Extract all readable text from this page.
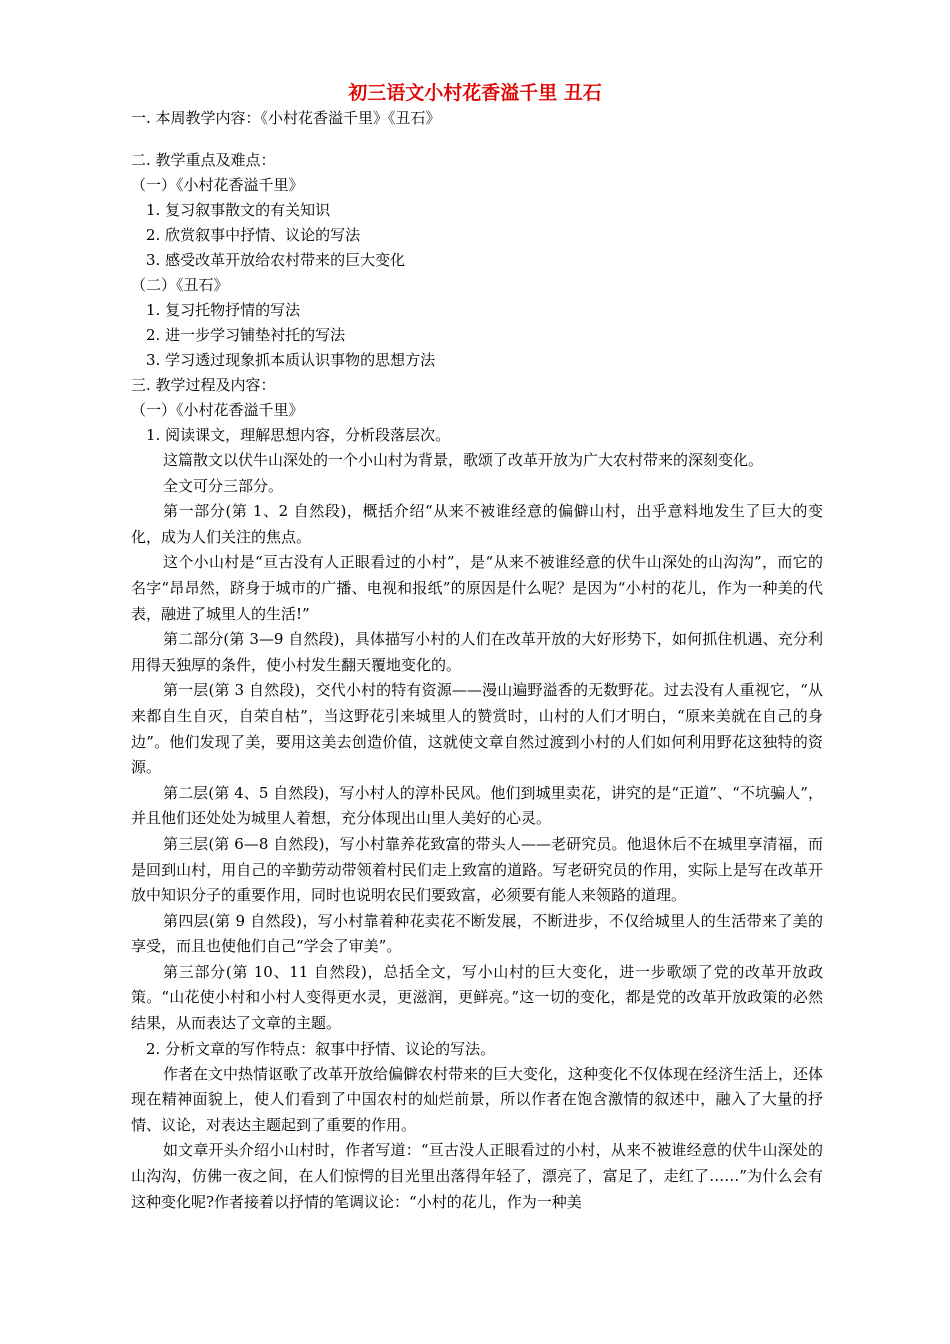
初三语文小村花香溢千里 丑石
一. 本周教学内容：《小村花香溢千里》《丑石》
二. 教学重点及难点：
（一）《小村花香溢千里》
1. 复习叙事散文的有关知识
2. 欣赏叙事中抒情、议论的写法
3. 感受改革开放给农村带来的巨大变化
（二）《丑石》
1. 复习托物抒情的写法
2. 进一步学习铺垫衬托的写法
3. 学习透过现象抓本质认识事物的思想方法
三. 教学过程及内容：
（一）《小村花香溢千里》
1. 阅读课文，理解思想内容，分析段落层次。

这篇散文以伏牛山深处的一个小山村为背景，歌颂了改革开放为广大农村带来的深刻变化。

全文可分三部分。

第一部分(第 1、2 自然段)，概括介绍“从来不被谁经意的偏僻山村，出乎意料地发生了巨大的变化，成为人们关注的焦点。

这个小山村是“亘古没有人正眼看过的小村”，是“从来不被谁经意的伏牛山深处的山沟沟”，而它的名字“昂昂然，跻身于城市的广播、电视和报纸”的原因是什么呢？是因为“小村的花儿，作为一种美的代表，融进了城里人的生活!”

第二部分(第 3—9 自然段)，具体描写小村的人们在改革开放的大好形势下，如何抓住机遇、充分利用得天独厚的条件，使小村发生翻天覆地变化的。

第一层(第 3 自然段)，交代小村的特有资源——漫山遍野溢香的无数野花。过去没有人重视它，“从来都自生自灭，自荣自枯”，当这野花引来城里人的赞赏时，山村的人们才明白，“原来美就在自己的身边”。他们发现了美，要用这美去创造价值，这就使文章自然过渡到小村的人们如何利用野花这独特的资源。

第二层(第 4、5 自然段)，写小村人的淳朴民风。他们到城里卖花，讲究的是“正道”、“不坑骗人”，并且他们还处处为城里人着想，充分体现出山里人美好的心灵。

第三层(第 6—8 自然段)，写小村靠养花致富的带头人——老研究员。他退休后不在城里享清福，而是回到山村，用自己的辛勤劳动带领着村民们走上致富的道路。写老研究员的作用，实际上是写在改革开放中知识分子的重要作用，同时也说明农民们要致富，必须要有能人来领路的道理。

第四层(第 9 自然段)，写小村靠着种花卖花不断发展，不断进步，不仅给城里人的生活带来了美的享受，而且也使他们自己“学会了审美”。

第三部分(第 10、11 自然段)，总括全文，写小山村的巨大变化，进一步歌颂了党的改革开放政策。“山花使小村和小村人变得更水灵，更滋润，更鲜亮。”这一切的变化，都是党的改革开放政策的必然结果，从而表达了文章的主题。

2. 分析文章的写作特点：叙事中抒情、议论的写法。

作者在文中热情讴歌了改革开放给偏僻农村带来的巨大变化，这种变化不仅体现在经济生活上，还体现在精神面貌上，使人们看到了中国农村的灿烂前景，所以作者在饱含激情的叙述中，融入了大量的抒情、议论，对表达主题起到了重要的作用。

如文章开头介绍小山村时，作者写道：“亘古没人正眼看过的小村，从来不被谁经意的伏牛山深处的山沟沟，仿佛一夜之间，在人们惊愕的目光里出落得年轻了，漂亮了，富足了，走红了……”为什么会有这种变化呢?作者接着以抒情的笔调议论：“小村的花儿，作为一种美
